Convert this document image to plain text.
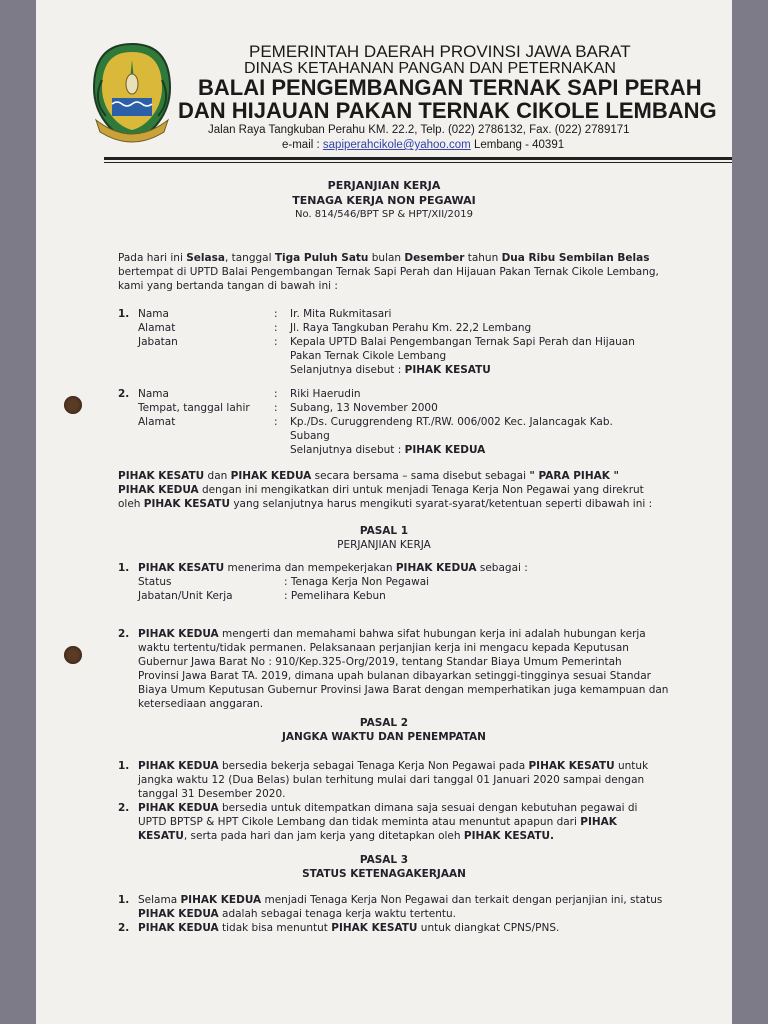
PEMERINTAH DAERAH PROVINSI JAWA BARAT

DINAS KETAHANAN PANGAN DAN PETERNAKAN

BALAI PENGEMBANGAN TERNAK SAPI PERAH

DAN HIJAUAN PAKAN TERNAK CIKOLE LEMBANG

Jalan Raya Tangkuban Perahu KM. 22.2, Telp. (022) 2786132, Fax. (022) 2789171

e-mail : sapiperahcikole@yahoo.com Lembang - 40391

PERJANJIAN KERJA

TENAGA KERJA NON PEGAWAI

No. 814/546/BPT SP & HPT/XII/2019

Pada hari ini Selasa, tanggal Tiga Puluh Satu bulan Desember tahun Dua Ribu Sembilan Belas

bertempat di UPTD Balai Pengembangan Ternak Sapi Perah dan Hijauan Pakan Ternak Cikole Lembang,

kami yang bertanda tangan di bawah ini :

1. Nama

Alamat

Jabatan

:

:

:

Ir. Mita Rukmitasari

Jl. Raya Tangkuban Perahu Km. 22,2 Lembang

Kepala UPTD Balai Pengembangan Ternak Sapi Perah dan Hijauan

Pakan Ternak Cikole Lembang

Selanjutnya disebut : PIHAK KESATU

2. Nama

Tempat, tanggal lahir

Alamat

:

:

:

Riki Haerudin

Subang, 13 November 2000

Kp./Ds. Curuggrendeng RT./RW. 006/002 Kec. Jalancagak Kab.

Subang

Selanjutnya disebut : PIHAK KEDUA

PIHAK KESATU dan PIHAK KEDUA secara bersama – sama disebut sebagai " PARA PIHAK "

PIHAK KEDUA dengan ini mengikatkan diri untuk menjadi Tenaga Kerja Non Pegawai yang direkrut

oleh PIHAK KESATU yang selanjutnya harus mengikuti syarat-syarat/ketentuan seperti dibawah ini :

PASAL 1

PERJANJIAN KERJA

1. PIHAK KESATU menerima dan mempekerjakan PIHAK KEDUA sebagai :

Status	: Tenaga Kerja Non Pegawai

Jabatan/Unit Kerja	: Pemelihara Kebun

2. PIHAK KEDUA mengerti dan memahami bahwa sifat hubungan kerja ini adalah hubungan kerja

waktu tertentu/tidak permanen. Pelaksanaan perjanjian kerja ini mengacu kepada Keputusan

Gubernur Jawa Barat No : 910/Kep.325-Org/2019, tentang Standar Biaya Umum Pemerintah

Provinsi Jawa Barat TA. 2019, dimana upah bulanan dibayarkan setinggi-tingginya sesuai Standar

Biaya Umum Keputusan Gubernur Provinsi Jawa Barat dengan memperhatikan juga kemampuan dan

ketersediaan anggaran.

PASAL 2

JANGKA WAKTU DAN PENEMPATAN

1. PIHAK KEDUA bersedia bekerja sebagai Tenaga Kerja Non Pegawai pada PIHAK KESATU untuk

jangka waktu 12 (Dua Belas) bulan terhitung mulai dari tanggal 01 Januari 2020 sampai dengan

tanggal 31 Desember 2020.

2. PIHAK KEDUA bersedia untuk ditempatkan dimana saja sesuai dengan kebutuhan pegawai di

UPTD BPTSP & HPT Cikole Lembang dan tidak meminta atau menuntut apapun dari PIHAK

KESATU, serta pada hari dan jam kerja yang ditetapkan oleh PIHAK KESATU.

PASAL 3

STATUS KETENAGAKERJAAN

1. Selama PIHAK KEDUA menjadi Tenaga Kerja Non Pegawai dan terkait dengan perjanjian ini, status

PIHAK KEDUA adalah sebagai tenaga kerja waktu tertentu.

2. PIHAK KEDUA tidak bisa menuntut PIHAK KESATU untuk diangkat CPNS/PNS.
